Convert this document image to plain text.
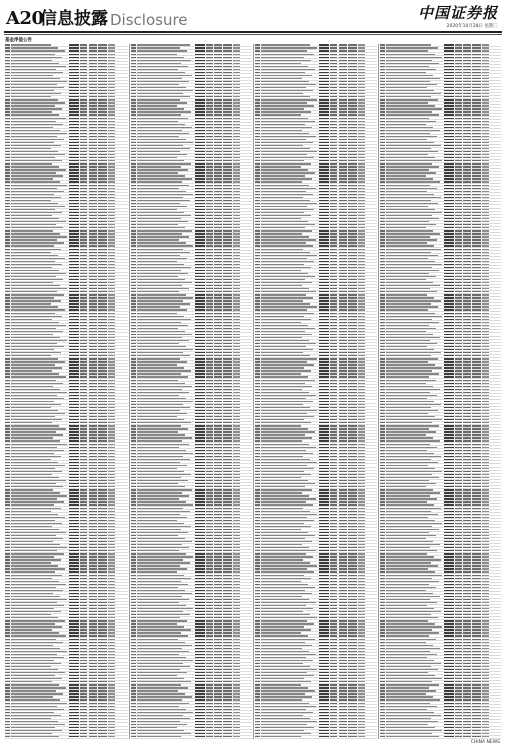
A20
信息披露 Disclosure	中国证券报
2020年10月28日 星期三
基金净值公告
CHINA NEWS
